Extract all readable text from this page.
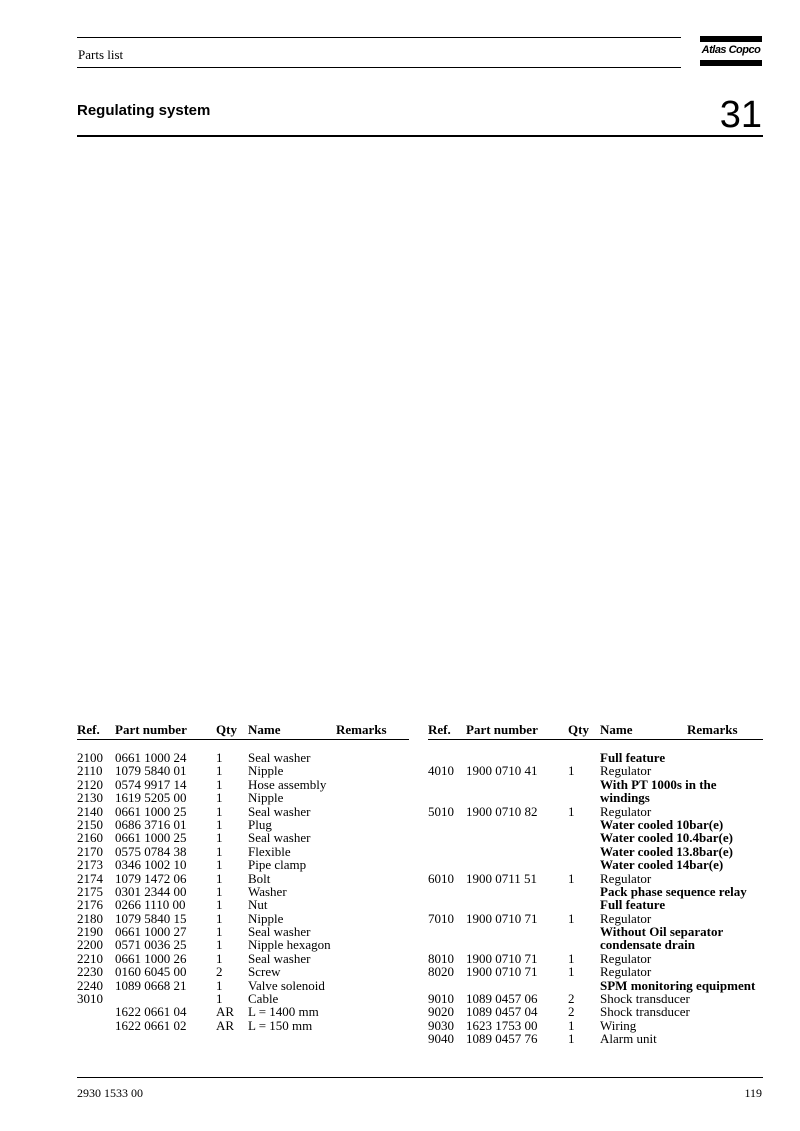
Parts list	Atlas Copco
Regulating system	31
Ref. Part number Qty Name	Remarks	Ref. Part number Qty Name	Remarks
2100 0661 1000 24 1 Seal washer
2110 1079 5840 01 1 Nipple
2120 0574 9917 14 1 Hose assembly
2130 1619 5205 00 1 Nipple
2140 0661 1000 25 1 Seal washer
2150 0686 3716 01 1 Plug
2160 0661 1000 25 1 Seal washer
2170 0575 0784 38 1 Flexible
2173 0346 1002 10 1 Pipe clamp
2174 1079 1472 06 1 Bolt
2175 0301 2344 00 1 Washer
2176 0266 1110 00 1 Nut
2180 1079 5840 15 1 Nipple
2190 0661 1000 27 1 Seal washer
2200 0571 0036 25 1 Nipple hexagon
2210 0661 1000 26 1 Seal washer
2230 0160 6045 00 2 Screw
2240 1089 0668 21 1 Valve solenoid
3010	1 Cable
1622 0661 04 AR L = 1400 mm
1622 0661 02 AR L = 150 mm
Full feature
4010 1900 0710 41 1 Regulator
With PT 1000s in the
windings
5010 1900 0710 82 1 Regulator
Water cooled 10bar(e)
Water cooled 10.4bar(e)
Water cooled 13.8bar(e)
Water cooled 14bar(e)
6010 1900 0711 51 1 Regulator
Pack phase sequence relay
Full feature
7010 1900 0710 71 1 Regulator
Without Oil separator
condensate drain
8010 1900 0710 71 1 Regulator
8020 1900 0710 71 1 Regulator
SPM monitoring equipment
9010 1089 0457 06 2 Shock transducer
9020 1089 0457 04 2 Shock transducer
9030 1623 1753 00 1 Wiring
9040 1089 0457 76 1 Alarm unit
2930 1533 00	119
